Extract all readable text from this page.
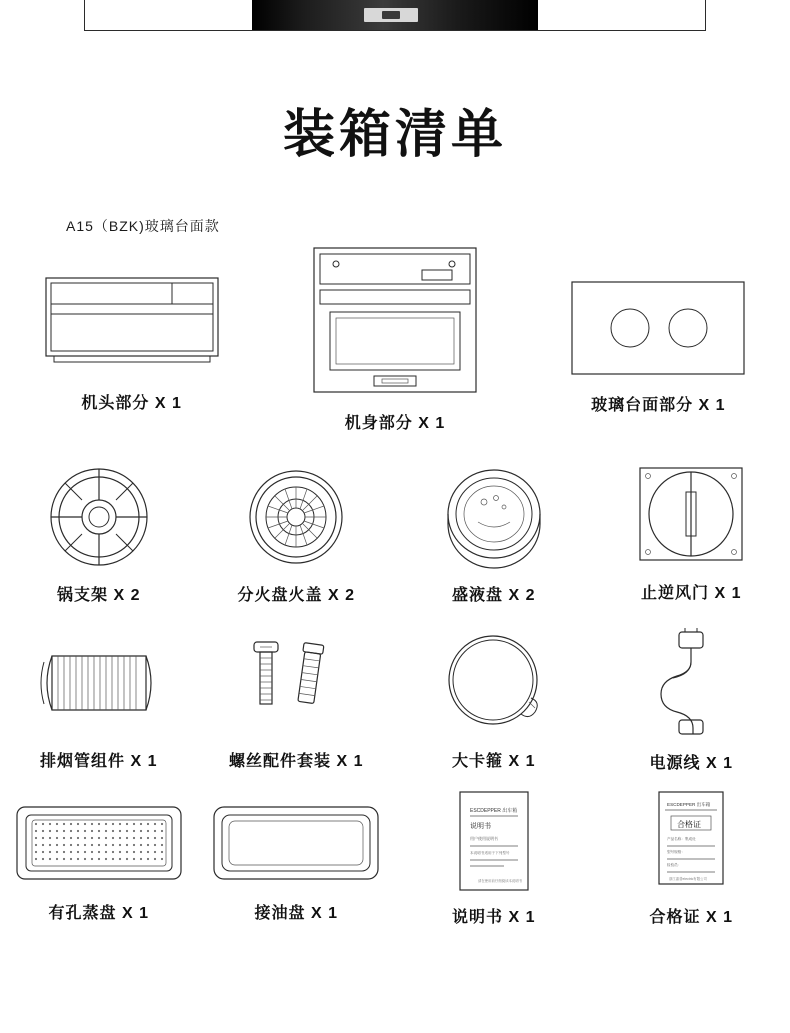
装箱清单
A15（BZK)玻璃台面款
机头部分 X 1
机身部分 X 1
玻璃台面部分 X 1
锅支架 X 2	分火盘火盖 X 2	盛液盘 X 2	止逆风门 X 1
排烟管组件 X 1	螺丝配件套装 X 1	大卡箍 X 1	电源线 X 1
有孔蒸盘 X 1	接油盘 X 1
ESCDEPPER 出车箱
说明书
用户使用说明书
本说明书适用于下列型号
请在使用前仔细阅读本说明书
说明书 X 1
ESCDEPPER 出车箱
合格证
产品名称：集成灶
型号规格：
检验员：
浙江嘉普electric有限公司
合格证 X 1
